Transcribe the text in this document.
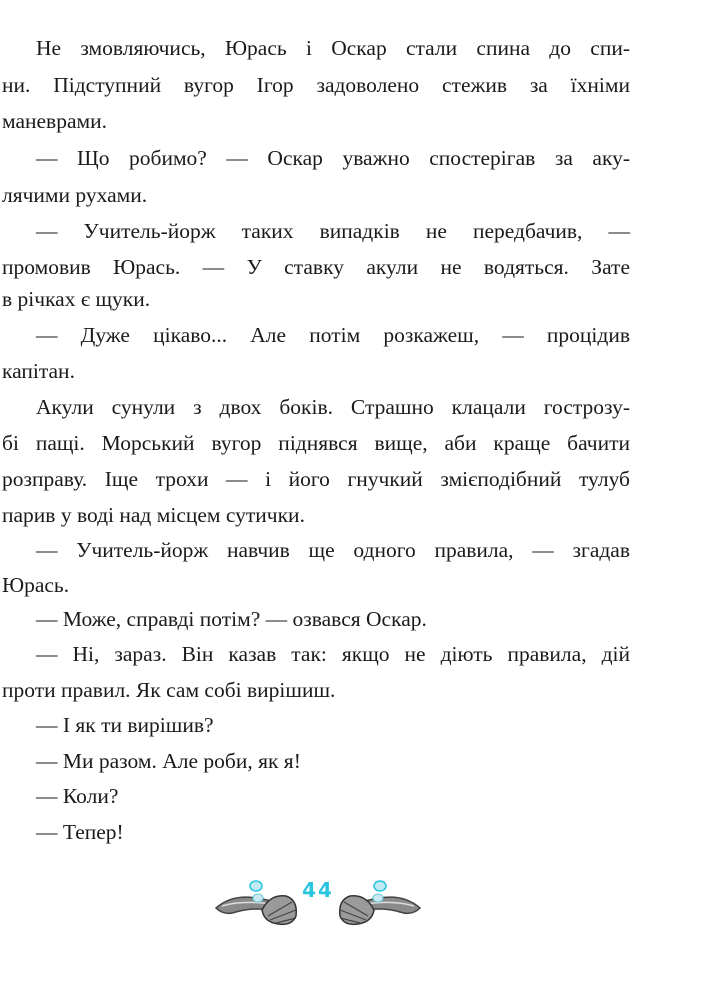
Не змовляючись, Юрась і Оскар стали спина до спи-
ни. Підступний вугор Ігор задоволено стежив за їхніми
маневрами.
— Що робимо? — Оскар уважно спостерігав за аку-
лячими рухами.
— Учитель-йорж таких випадків не передбачив, —
промовив Юрась. — У ставку акули не водяться. Зате
в річках є щуки.
— Дуже цікаво... Але потім розкажеш, — процідив
капітан.
Акули сунули з двох боків. Страшно клацали гострозу-
бі пащі. Морський вугор піднявся вище, аби краще бачити
розправу. Іще трохи — і його гнучкий змієподібний тулуб
парив у воді над місцем сутички.
— Учитель-йорж навчив ще одного правила, — згадав
Юрась.
— Може, справді потім? — озвався Оскар.
— Ні, зараз. Він казав так: якщо не діють правила, дій
проти правил. Як сам собі вирішиш.
— І як ти вирішив?
— Ми разом. Але роби, як я!
— Коли?
— Тепер!
44
